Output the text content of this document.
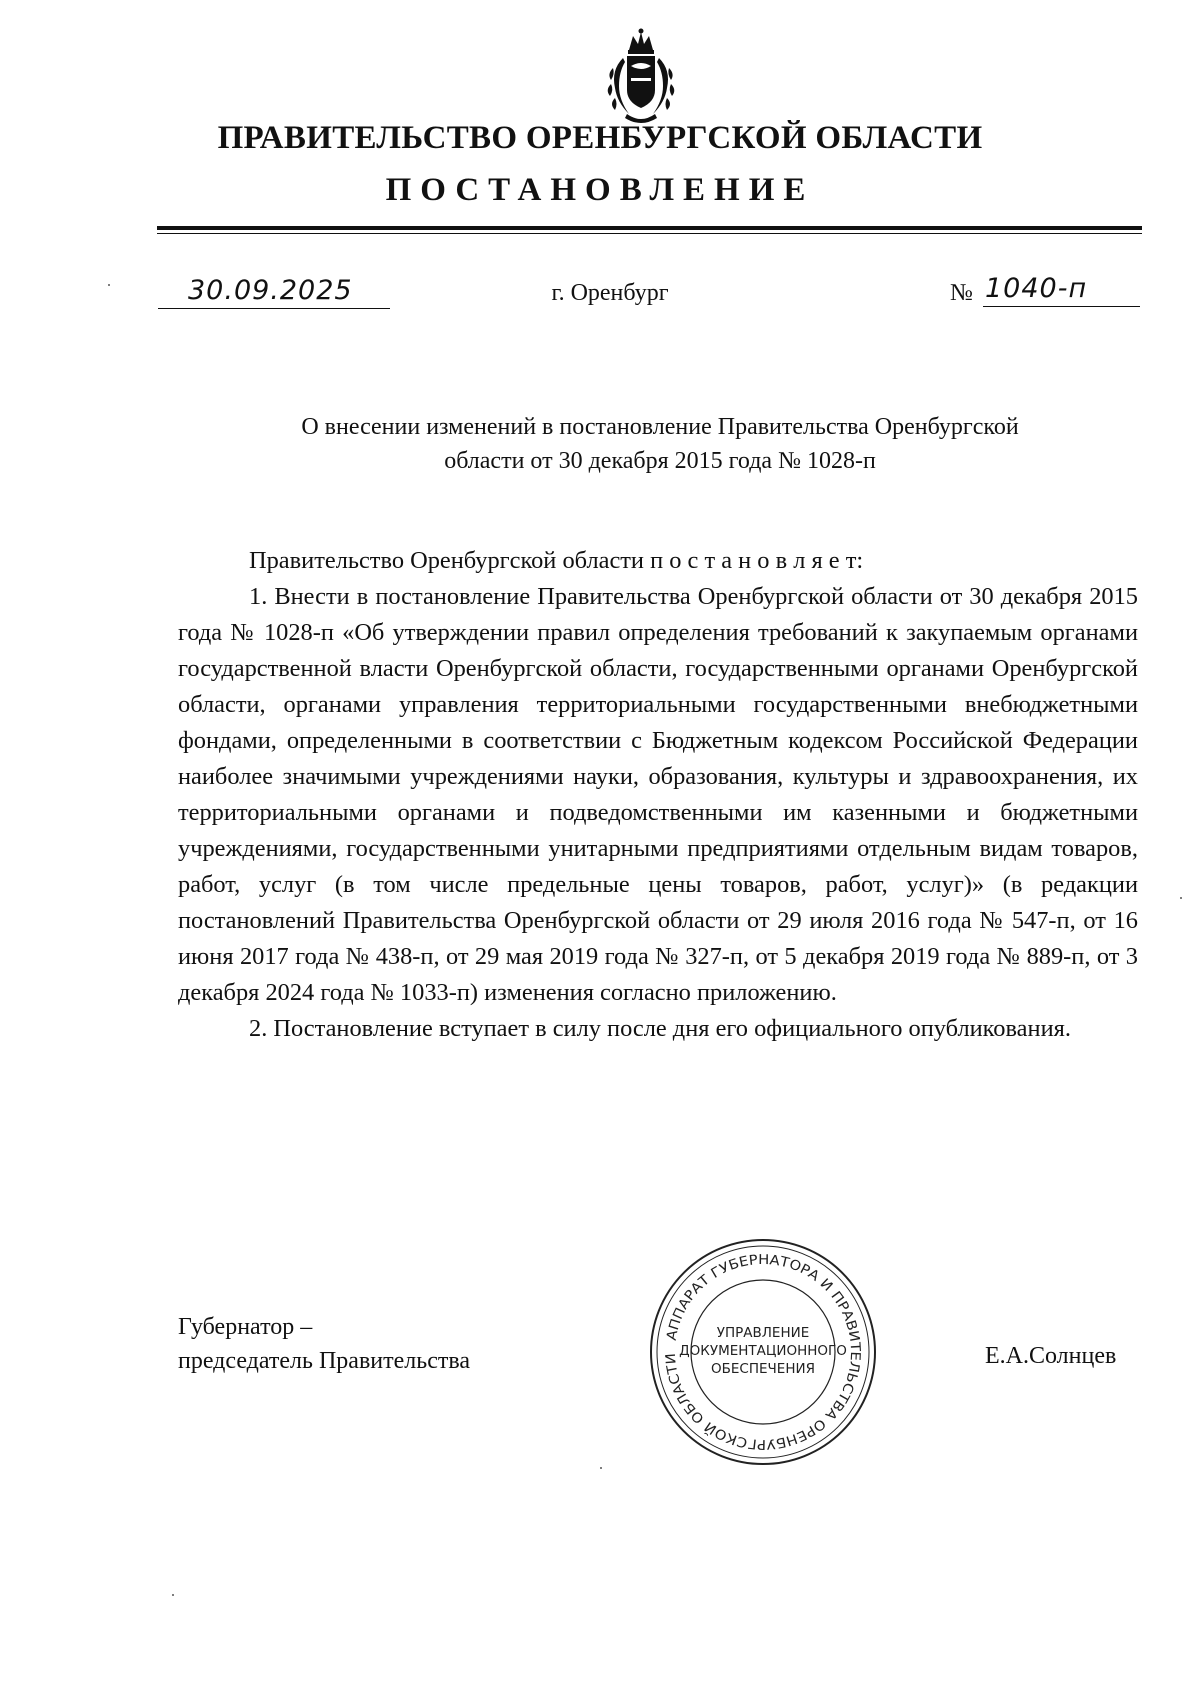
ПРАВИТЕЛЬСТВО ОРЕНБУРГСКОЙ ОБЛАСТИ
ПОСТАНОВЛЕНИЕ
30.09.2025	г. Оренбург	№ 1040-п
О внесении изменений в постановление Правительства Оренбургской
области от 30 декабря 2015 года № 1028-п

Правительство Оренбургской области п о с т а н о в л я е т:

1. Внести в постановление Правительства Оренбургской области от 30 декабря 2015 года № 1028-п «Об утверждении правил определения требований к закупаемым органами государственной власти Оренбургской области, государственными органами Оренбургской области, органами управления территориальными государственными внебюджетными фондами, определенными в соответствии с Бюджетным кодексом Российской Федерации наиболее значимыми учреждениями науки, образования, культуры и здравоохранения, их территориальными органами и подведомственными им казенными и бюджетными учреждениями, государственными унитарными предприятиями отдельным видам товаров, работ, услуг (в том числе предельные цены товаров, работ, услуг)» (в редакции постановлений Правительства Оренбургской области от 29 июля 2016 года № 547-п, от 16 июня 2017 года № 438-п, от 29 мая 2019 года № 327-п, от 5 декабря 2019 года № 889-п, от 3 декабря 2024 года № 1033-п) изменения согласно приложению.

2. Постановление вступает в силу после дня его официального опубликования.

Губернатор –
председатель Правительства
АППАРАТ ГУБЕРНАТОРА И ПРАВИТЕЛЬСТВА ОРЕНБУРГСКОЙ ОБЛАСТИ
УПРАВЛЕНИЕ
ДОКУМЕНТАЦИОННОГО
ОБЕСПЕЧЕНИЯ	Е.А.Солнцев
